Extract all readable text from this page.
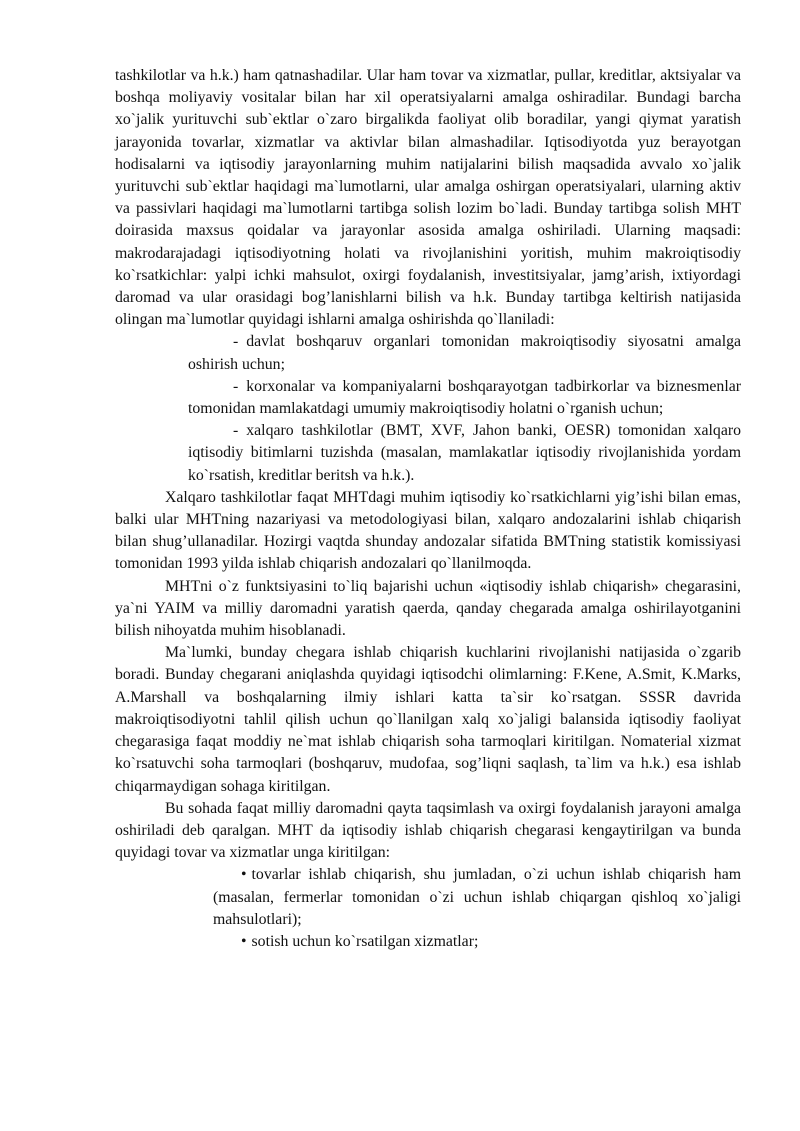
tashkilotlar va h.k.) ham qatnashadilar. Ular ham tovar va xizmatlar, pullar, kreditlar, aktsiyalar va boshqa moliyaviy vositalar bilan har xil operatsiyalarni amalga oshiradilar. Bundagi barcha xo`jalik yurituvchi sub`ektlar o`zaro birgalikda faoliyat olib boradilar, yangi qiymat yaratish jarayonida tovarlar, xizmatlar va aktivlar bilan almashadilar. Iqtisodiyotda yuz berayotgan hodisalarni va iqtisodiy jarayonlarning muhim natijalarini bilish maqsadida avvalo xo`jalik yurituvchi sub`ektlar haqidagi ma`lumotlarni, ular amalga oshirgan operatsiyalari, ularning aktiv va passivlari haqidagi ma`lumotlarni tartibga solish lozim bo`ladi. Bunday tartibga solish MHT doirasida maxsus qoidalar va jarayonlar asosida amalga oshiriladi. Ularning maqsadi: makrodarajadagi iqtisodiyotning holati va rivojlanishini yoritish, muhim makroiqtisodiy ko`rsatkichlar: yalpi ichki mahsulot, oxirgi foydalanish, investitsiyalar, jamg’arish, ixtiyordagi daromad va ular orasidagi bog’lanishlarni bilish va h.k. Bunday tartibga keltirish natijasida olingan ma`lumotlar quyidagi ishlarni amalga oshirishda qo`llaniladi:

- davlat boshqaruv organlari tomonidan makroiqtisodiy siyosatni amalga oshirish uchun;
- korxonalar va kompaniyalarni boshqarayotgan tadbirkorlar va biznesmenlar tomonidan mamlakatdagi umumiy makroiqtisodiy holatni o`rganish uchun;
- xalqaro tashkilotlar (BMT, XVF, Jahon banki, OESR) tomonidan xalqaro iqtisodiy bitimlarni tuzishda (masalan, mamlakatlar iqtisodiy rivojlanishida yordam ko`rsatish, kreditlar beritsh va h.k.).

Xalqaro tashkilotlar faqat MHTdagi muhim iqtisodiy ko`rsatkichlarni yig’ishi bilan emas, balki ular MHTning nazariyasi va metodologiyasi bilan, xalqaro andozalarini ishlab chiqarish bilan shug’ullanadilar. Hozirgi vaqtda shunday andozalar sifatida BMTning statistik komissiyasi tomonidan 1993 yilda ishlab chiqarish andozalari qo`llanilmoqda.

MHTni o`z funktsiyasini to`liq bajarishi uchun «iqtisodiy ishlab chiqarish» chegarasini, ya`ni YAIM va milliy daromadni yaratish qaerda, qanday chegarada amalga oshirilayotganini bilish nihoyatda muhim hisoblanadi.

Ma`lumki, bunday chegara ishlab chiqarish kuchlarini rivojlanishi natijasida o`zgarib boradi. Bunday chegarani aniqlashda quyidagi iqtisodchi olimlarning: F.Kene, A.Smit, K.Marks, A.Marshall va boshqalarning ilmiy ishlari katta ta`sir ko`rsatgan. SSSR davrida makroiqtisodiyotni tahlil qilish uchun qo`llanilgan xalq xo`jaligi balansida iqtisodiy faoliyat chegarasiga faqat moddiy ne`mat ishlab chiqarish soha tarmoqlari kiritilgan. Nomaterial xizmat ko`rsatuvchi soha tarmoqlari (boshqaruv, mudofaa, sog’liqni saqlash, ta`lim va h.k.) esa ishlab chiqarmaydigan sohaga kiritilgan.

Bu sohada faqat milliy daromadni qayta taqsimlash va oxirgi foydalanish jarayoni amalga oshiriladi deb qaralgan. MHT da iqtisodiy ishlab chiqarish chegarasi kengaytirilgan va bunda quyidagi tovar va xizmatlar unga kiritilgan:

• tovarlar ishlab chiqarish, shu jumladan, o`zi uchun ishlab chiqarish ham (masalan, fermerlar tomonidan o`zi uchun ishlab chiqargan qishloq xo`jaligi mahsulotlari);
• sotish uchun ko`rsatilgan xizmatlar;
